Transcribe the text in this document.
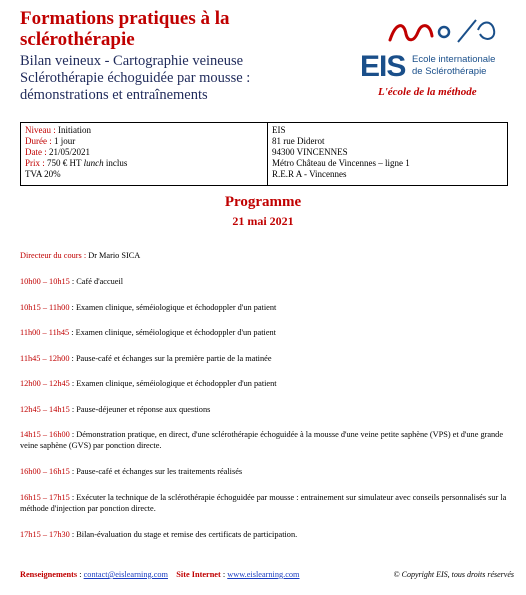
Formations pratiques à la
sclérothérapie
Bilan veineux - Cartographie veineuse
Sclérothérapie échoguidée par mousse :
démonstrations et entraînements
EIS Ecole internationale
de Sclérothérapie
L'école de la méthode
Niveau : Initiation
Durée : 1 jour
Date : 21/05/2021
Prix : 750 € HT lunch inclus
TVA 20%
EIS
81 rue Diderot
94300 VINCENNES
Métro Château de Vincennes – ligne 1
R.E.R A - Vincennes
Programme
21 mai 2021
Directeur du cours : Dr Mario SICA
10h00 – 10h15 : Café d'accueil
10h15 – 11h00 : Examen clinique, séméiologique et échodoppler d'un patient
11h00 – 11h45 : Examen clinique, séméiologique et échodoppler d'un patient
11h45 – 12h00 : Pause-café et échanges sur la première partie de la matinée
12h00 – 12h45 : Examen clinique, séméiologique et échodoppler d'un patient
12h45 – 14h15 : Pause-déjeuner et réponse aux questions
14h15 – 16h00 : Démonstration pratique, en direct, d'une sclérothérapie échoguidée à la mousse d'une veine petite saphène (VPS) et d'une grande veine saphène (GVS) par ponction directe.
16h00 – 16h15 : Pause-café et échanges sur les traitements réalisés
16h15 – 17h15 : Exécuter la technique de la sclérothérapie échoguidée par mousse : entrainement sur simulateur avec conseils personnalisés sur la méthode d'injection par ponction directe.
17h15 – 17h30 : Bilan-évaluation du stage et remise des certificats de participation.
Renseignements : contact@eislearning.com Site Internet : www.eislearning.com	© Copyright EIS, tous droits réservés
